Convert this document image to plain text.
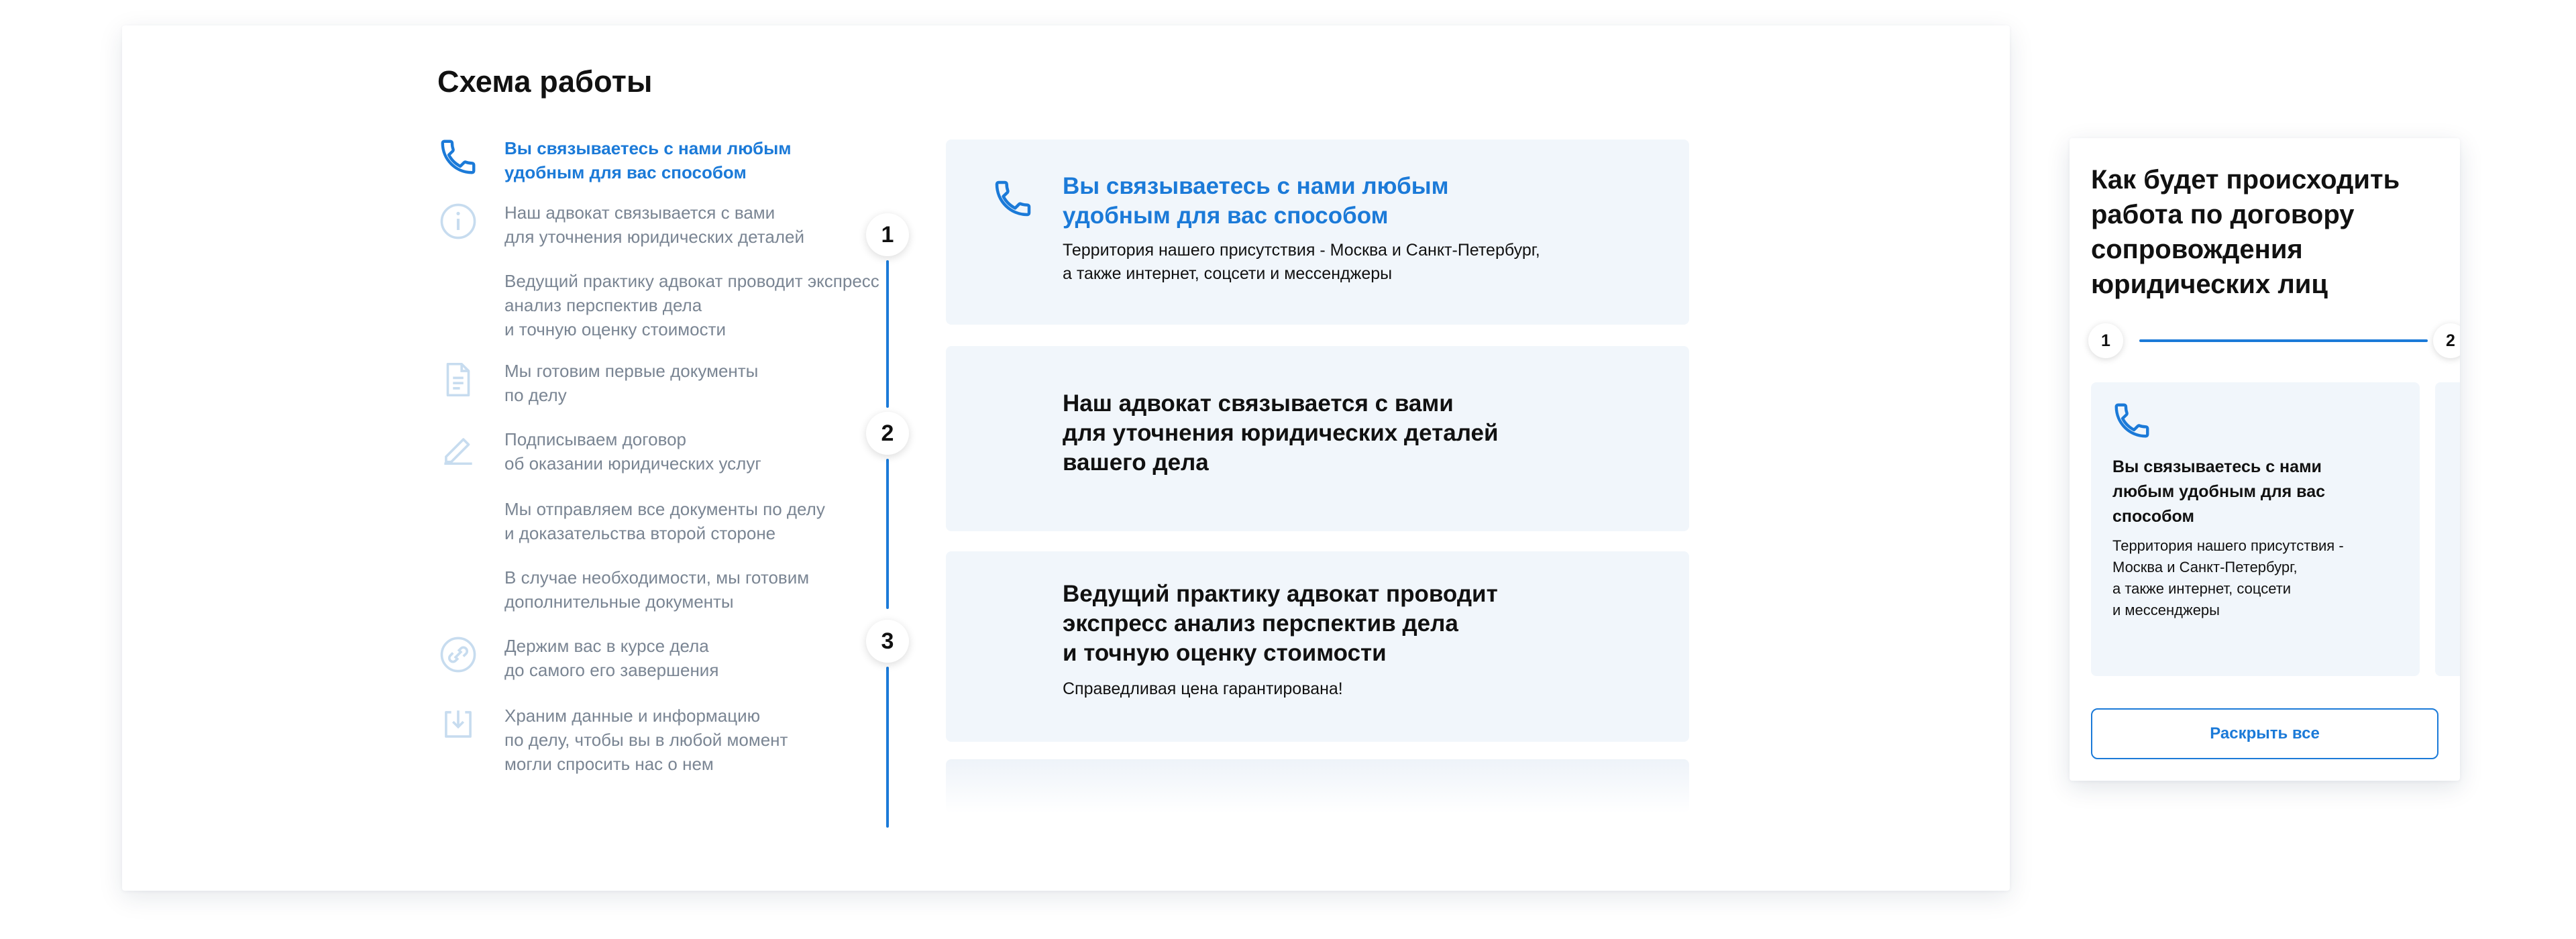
Схема работы
Вы связываетесь с нами любым
удобным для вас способом
Наш адвокат связывается с вами
для уточнения юридических деталей
Ведущий практику адвокат проводит экспресс
анализ перспектив дела
и точную оценку стоимости
Мы готовим первые документы
по делу
Подписываем договор
об оказании юридических услуг
Мы отправляем все документы по делу
и доказательства второй стороне
В случае необходимости, мы готовим
дополнительные документы
Держим вас в курсе дела
до самого его завершения
Храним данные и информацию
по делу, чтобы вы в любой момент
могли спросить нас о нем
1
2
3
Вы связываетесь с нами любым
удобным для вас способом
Территория нашего присутствия - Москва и Санкт-Петербург,
а также интернет, соцсети и мессенджеры
Наш адвокат связывается с вами
для уточнения юридических деталей
вашего дела
Ведущий практику адвокат проводит
экспресс анализ перспектив дела
и точную оценку стоимости
Справедливая цена гарантирована!
Как будет происходить
работа по договору
сопровождения
юридических лиц
1	2
Вы связываетесь с нами
любым удобным для вас
способом
Территория нашего присутствия -
Москва и Санкт-Петербург,
а также интернет, соцсети
и мессенджеры
Раскрыть все
